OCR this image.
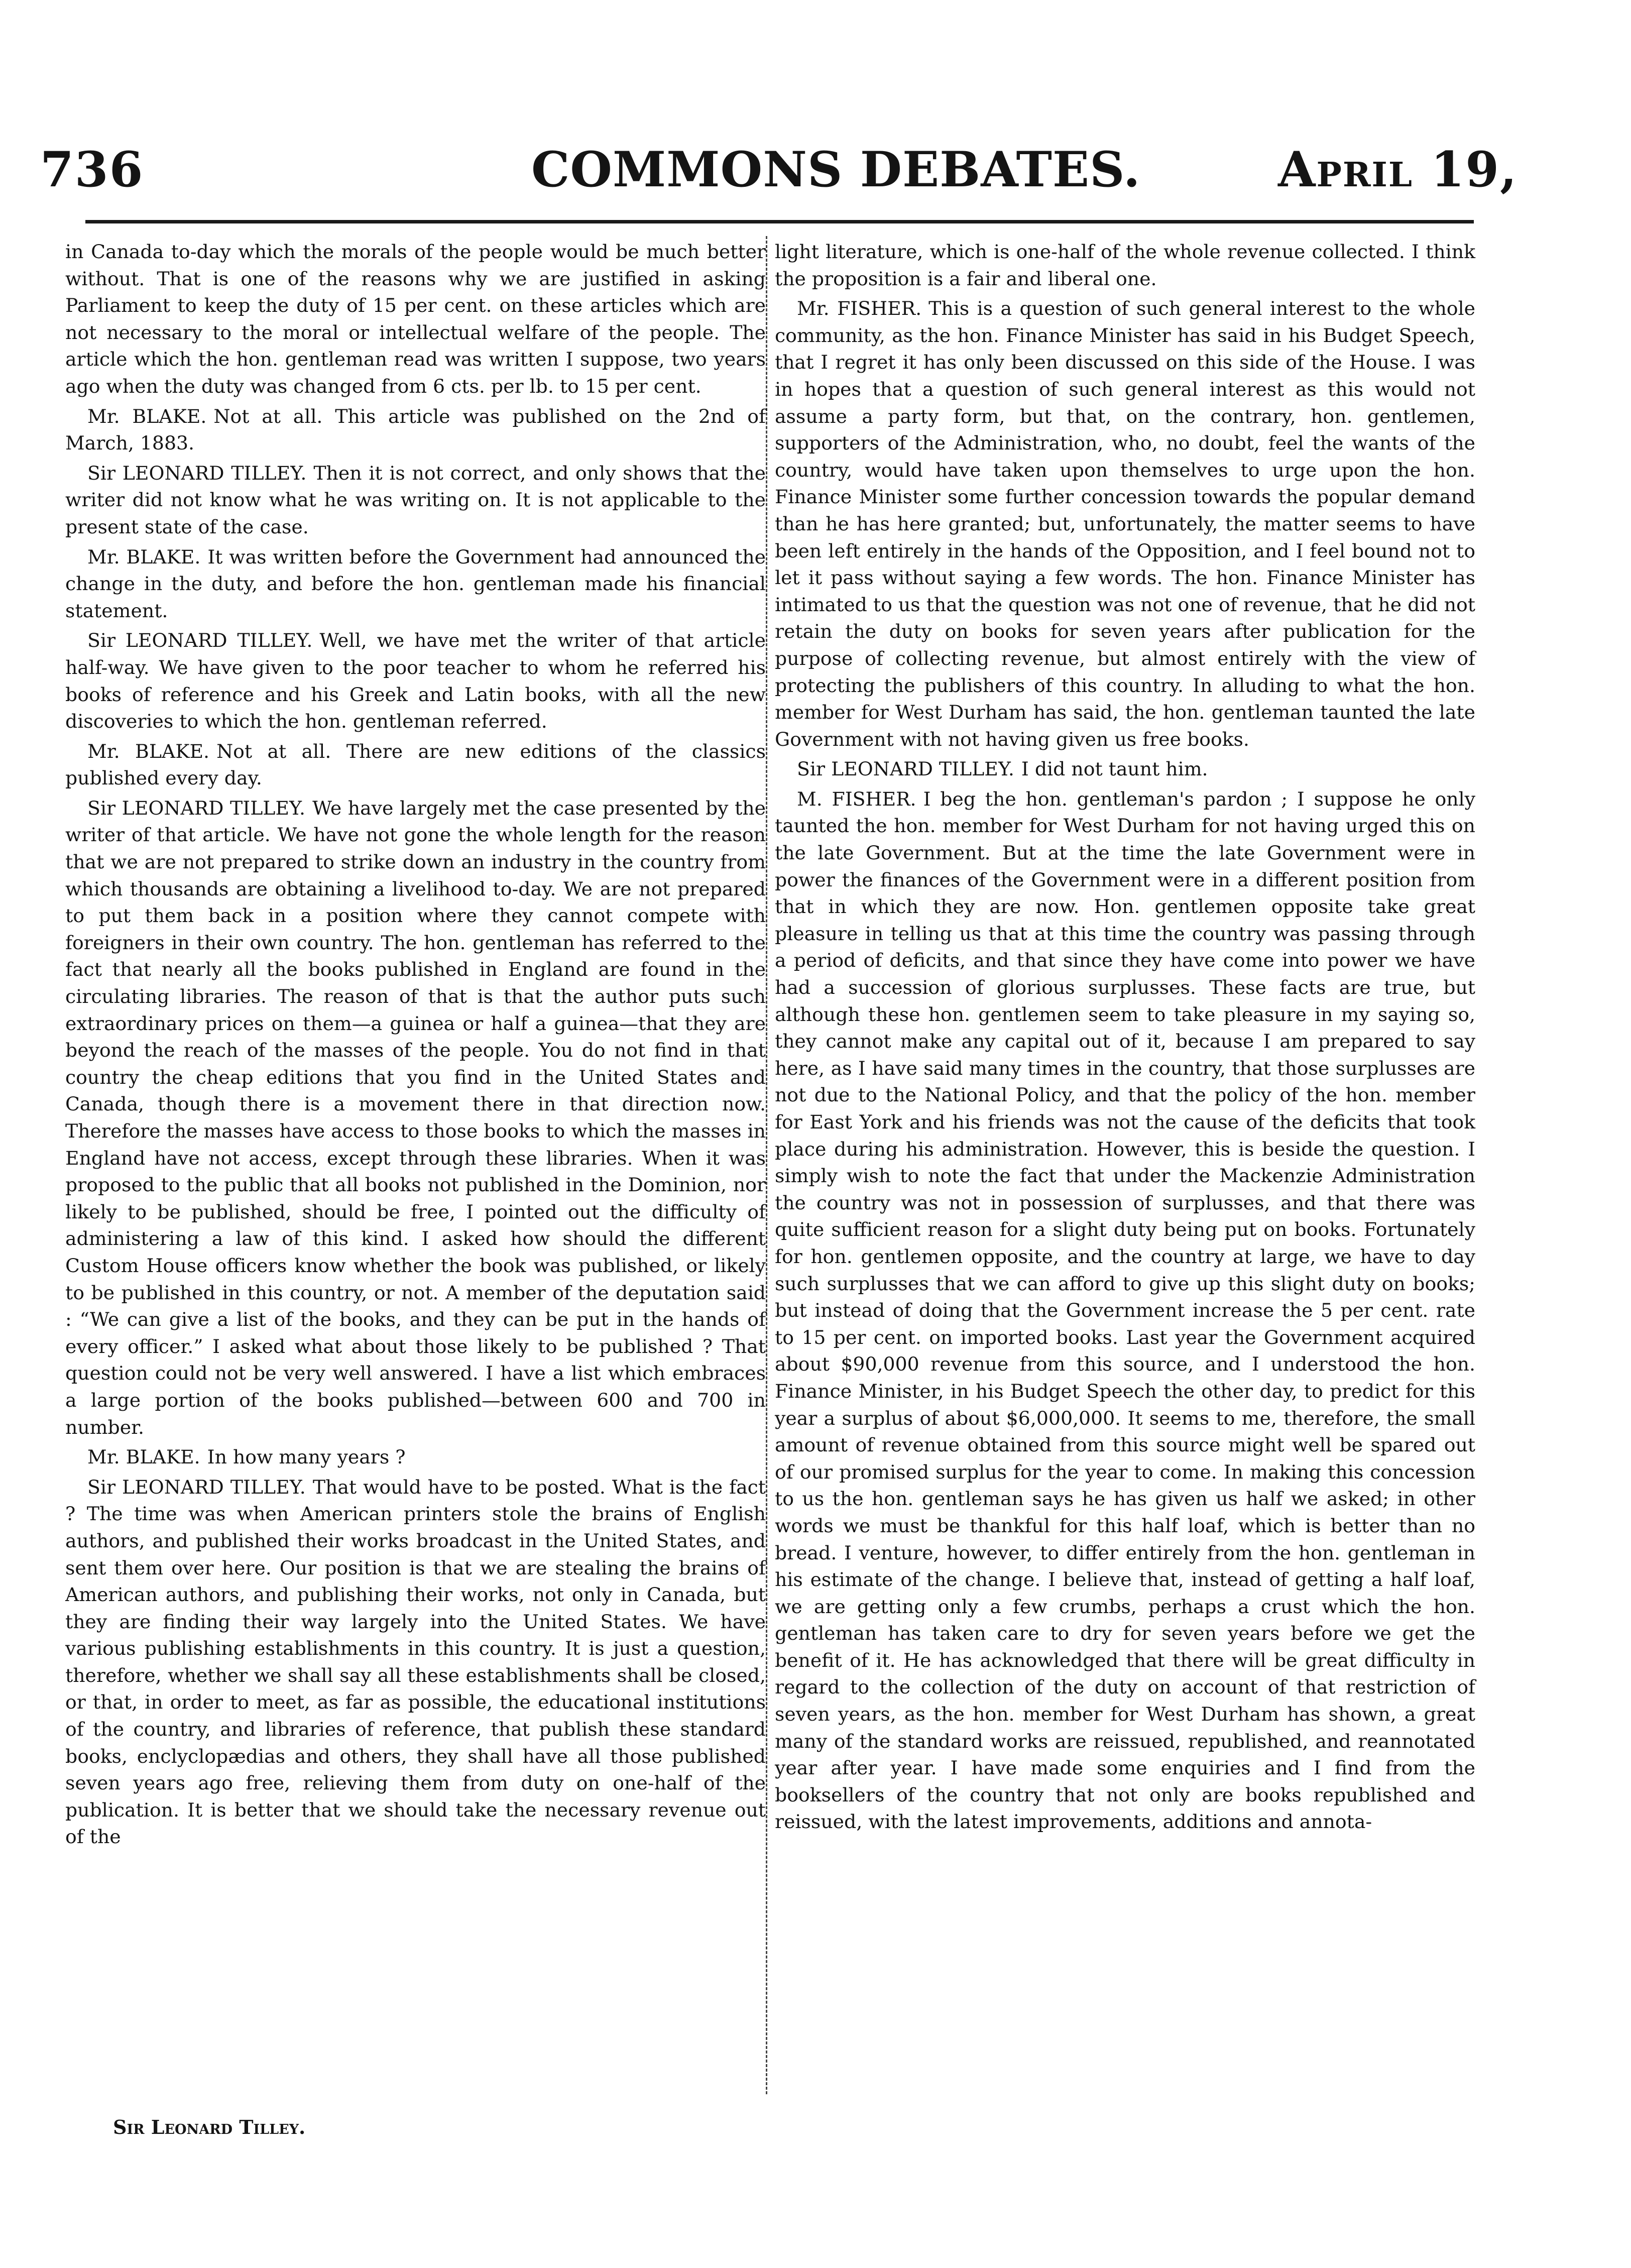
736	COMMONS DEBATES.	April 19,

in Canada to-day which the morals of the people would be much better without. That is one of the reasons why we are justified in asking Parliament to keep the duty of 15 per cent. on these articles which are not necessary to the moral or intellectual welfare of the people. The article which the hon. gentleman read was written I suppose, two years ago when the duty was changed from 6 cts. per lb. to 15 per cent.

Mr. BLAKE. Not at all. This article was published on the 2nd of March, 1883.

Sir LEONARD TILLEY. Then it is not correct, and only shows that the writer did not know what he was writing on. It is not applicable to the present state of the case.

Mr. BLAKE. It was written before the Government had announced the change in the duty, and before the hon. gentleman made his financial statement.

Sir LEONARD TILLEY. Well, we have met the writer of that article half-way. We have given to the poor teacher to whom he referred his books of reference and his Greek and Latin books, with all the new discoveries to which the hon. gentleman referred.

Mr. BLAKE. Not at all. There are new editions of the classics published every day.

Sir LEONARD TILLEY. We have largely met the case presented by the writer of that article. We have not gone the whole length for the reason that we are not prepared to strike down an industry in the country from which thousands are obtaining a livelihood to-day. We are not prepared to put them back in a position where they cannot compete with foreigners in their own country. The hon. gentleman has referred to the fact that nearly all the books published in England are found in the circulating libraries. The reason of that is that the author puts such extraordinary prices on them—a guinea or half a guinea—that they are beyond the reach of the masses of the people. You do not find in that country the cheap editions that you find in the United States and Canada, though there is a movement there in that direction now. Therefore the masses have access to those books to which the masses in England have not access, except through these libraries. When it was proposed to the public that all books not published in the Dominion, nor likely to be published, should be free, I pointed out the difficulty of administering a law of this kind. I asked how should the different Custom House officers know whether the book was published, or likely to be published in this country, or not. A member of the deputation said : “We can give a list of the books, and they can be put in the hands of every officer.” I asked what about those likely to be published ? That question could not be very well answered. I have a list which embraces a large portion of the books published—between 600 and 700 in number.

Mr. BLAKE. In how many years ?

Sir LEONARD TILLEY. That would have to be posted. What is the fact ? The time was when American printers stole the brains of English authors, and published their works broadcast in the United States, and sent them over here. Our position is that we are stealing the brains of American authors, and publishing their works, not only in Canada, but they are finding their way largely into the United States. We have various publishing establishments in this country. It is just a question, therefore, whether we shall say all these establishments shall be closed, or that, in order to meet, as far as possible, the educational institutions of the country, and libraries of reference, that publish these standard books, enclyclopædias and others, they shall have all those published seven years ago free, relieving them from duty on one-half of the publication. It is better that we should take the necessary revenue out of the

light literature, which is one-half of the whole revenue collected. I think the proposition is a fair and liberal one.

Mr. FISHER. This is a question of such general interest to the whole community, as the hon. Finance Minister has said in his Budget Speech, that I regret it has only been discussed on this side of the House. I was in hopes that a question of such general interest as this would not assume a party form, but that, on the contrary, hon. gentlemen, supporters of the Administration, who, no doubt, feel the wants of the country, would have taken upon themselves to urge upon the hon. Finance Minister some further concession towards the popular demand than he has here granted; but, unfortunately, the matter seems to have been left entirely in the hands of the Opposition, and I feel bound not to let it pass without saying a few words. The hon. Finance Minister has intimated to us that the question was not one of revenue, that he did not retain the duty on books for seven years after publication for the purpose of collecting revenue, but almost entirely with the view of protecting the publishers of this country. In alluding to what the hon. member for West Durham has said, the hon. gentleman taunted the late Government with not having given us free books.

Sir LEONARD TILLEY. I did not taunt him.

M. FISHER. I beg the hon. gentleman's pardon ; I suppose he only taunted the hon. member for West Durham for not having urged this on the late Government. But at the time the late Government were in power the finances of the Government were in a different position from that in which they are now. Hon. gentlemen opposite take great pleasure in telling us that at this time the country was passing through a period of deficits, and that since they have come into power we have had a succession of glorious surplusses. These facts are true, but although these hon. gentlemen seem to take pleasure in my saying so, they cannot make any capital out of it, because I am prepared to say here, as I have said many times in the country, that those surplusses are not due to the National Policy, and that the policy of the hon. member for East York and his friends was not the cause of the deficits that took place during his administration. However, this is beside the question. I simply wish to note the fact that under the Mackenzie Administration the country was not in possession of surplusses, and that there was quite sufficient reason for a slight duty being put on books. Fortunately for hon. gentlemen opposite, and the country at large, we have to day such surplusses that we can afford to give up this slight duty on books; but instead of doing that the Government increase the 5 per cent. rate to 15 per cent. on imported books. Last year the Government acquired about $90,000 revenue from this source, and I understood the hon. Finance Minister, in his Budget Speech the other day, to predict for this year a surplus of about $6,000,000. It seems to me, therefore, the small amount of revenue obtained from this source might well be spared out of our promised surplus for the year to come. In making this concession to us the hon. gentleman says he has given us half we asked; in other words we must be thankful for this half loaf, which is better than no bread. I venture, however, to differ entirely from the hon. gentleman in his estimate of the change. I believe that, instead of getting a half loaf, we are getting only a few crumbs, perhaps a crust which the hon. gentleman has taken care to dry for seven years before we get the benefit of it. He has acknowledged that there will be great difficulty in regard to the collection of the duty on account of that restriction of seven years, as the hon. member for West Durham has shown, a great many of the standard works are reissued, republished, and reannotated year after year. I have made some enquiries and I find from the booksellers of the country that not only are books republished and reissued, with the latest improvements, additions and annota-

Sir Leonard Tilley.
